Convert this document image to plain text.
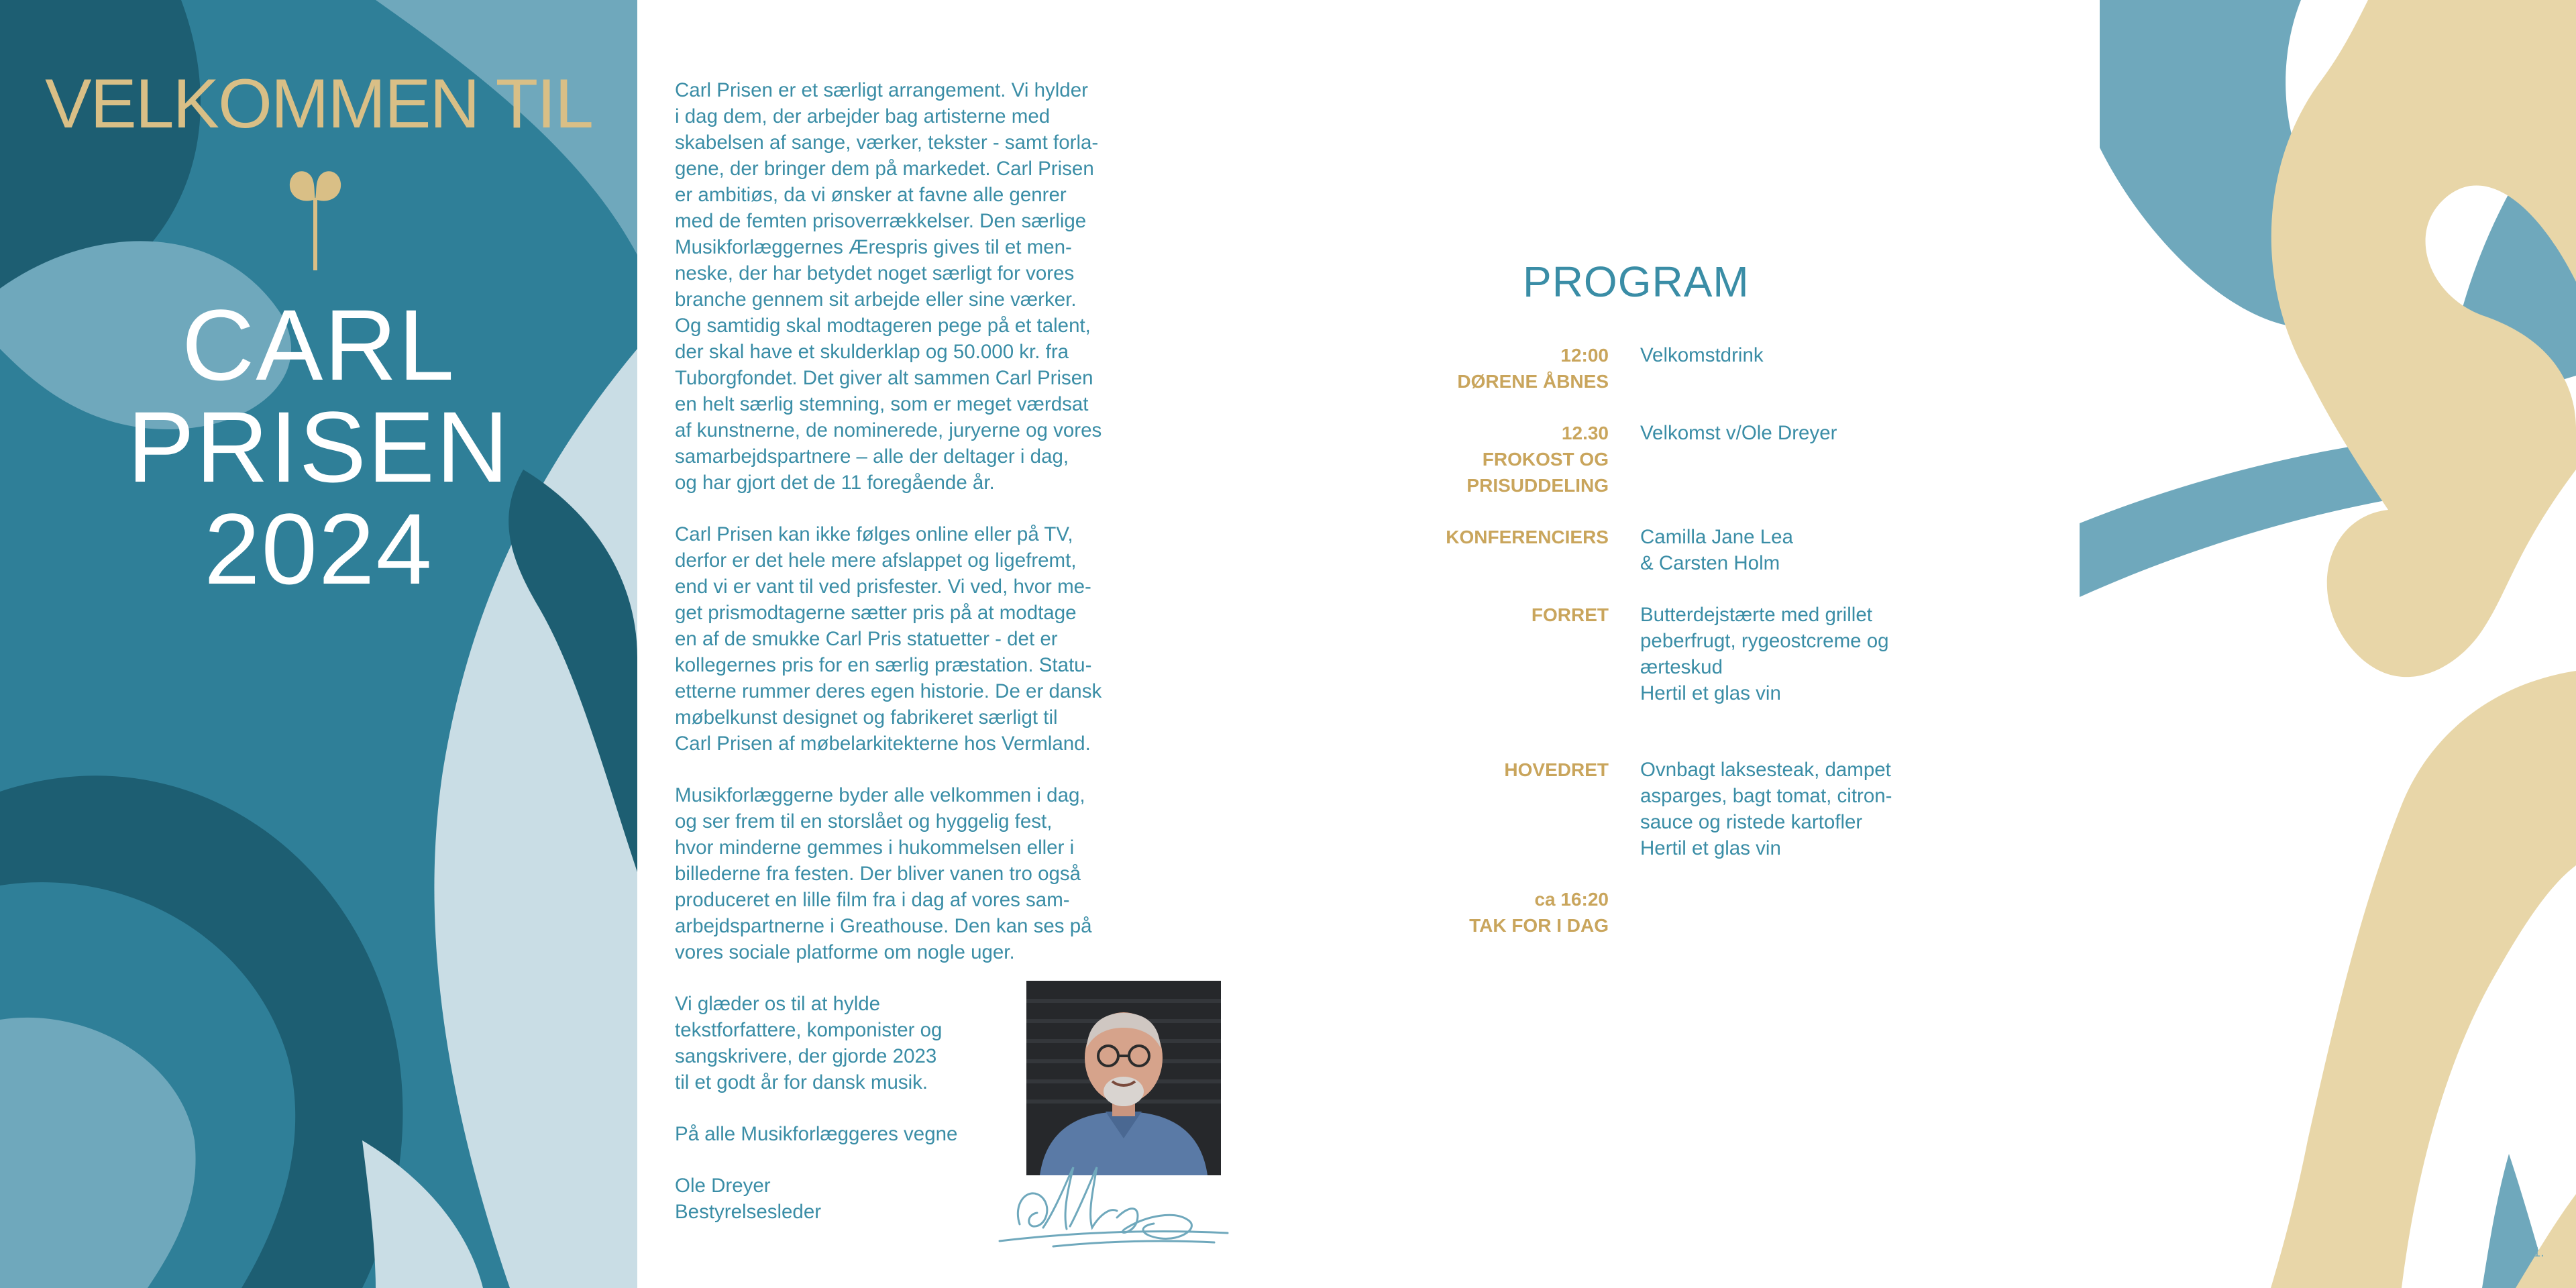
VELKOMMEN TIL
CARL
PRISEN
2024

Carl Prisen er et særligt arrangement. Vi hylder
i dag dem, der arbejder bag artisterne med
skabelsen af sange, værker, tekster - samt forla-
gene, der bringer dem på markedet. Carl Prisen
er ambitiøs, da vi ønsker at favne alle genrer
med de femten prisoverrækkelser. Den særlige
Musikforlæggernes Ærespris gives til et men-
neske, der har betydet noget særligt for vores
branche gennem sit arbejde eller sine værker.
Og samtidig skal modtageren pege på et talent,
der skal have et skulderklap og 50.000 kr. fra
Tuborgfondet. Det giver alt sammen Carl Prisen
en helt særlig stemning, som er meget værdsat
af kunstnerne, de nominerede, juryerne og vores
samarbejdspartnere – alle der deltager i dag,
og har gjort det de 11 foregående år.

Carl Prisen kan ikke følges online eller på TV,
derfor er det hele mere afslappet og ligefremt,
end vi er vant til ved prisfester. Vi ved, hvor me-
get prismodtagerne sætter pris på at modtage
en af de smukke Carl Pris statuetter - det er
kollegernes pris for en særlig præstation. Statu-
etterne rummer deres egen historie. De er dansk
møbelkunst designet og fabrikeret særligt til
Carl Prisen af møbelarkitekterne hos Vermland.

Musikforlæggerne byder alle velkommen i dag,
og ser frem til en storslået og hyggelig fest,
hvor minderne gemmes i hukommelsen eller i
billederne fra festen. Der bliver vanen tro også
produceret en lille film fra i dag af vores sam-
arbejdspartnerne i Greathouse. Den kan ses på
vores sociale platforme om nogle uger.

Vi glæder os til at hylde
tekstforfattere, komponister og
sangskrivere, der gjorde 2023
til et godt år for dansk musik.

På alle Musikforlæggeres vegne

Ole Dreyer
Bestyrelsesleder

PROGRAM
12:00
DØRENE ÅBNES
Velkomstdrink
12.30
FROKOST OG
PRISUDDELING
Velkomst v/Ole Dreyer
KONFERENCIERS Camilla Jane Lea
& Carsten Holm
FORRET Butterdejstærte med grillet
peberfrugt, rygeostcreme og
ærteskud
Hertil et glas vin
HOVEDRET Ovnbagt laksesteak, dampet
asparges, bagt tomat, citron-
sauce og ristede kartofler
Hertil et glas vin
ca 16:20
TAK FOR I DAG
1.
